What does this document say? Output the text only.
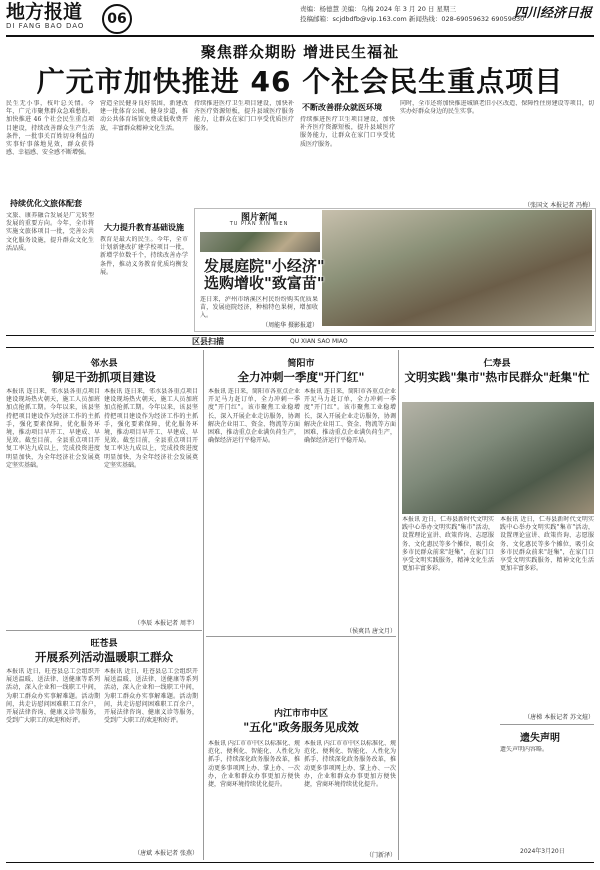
地方报道
DI FANG BAO DAO	06
责编：杨德慧 美编：乌梅 2024 年 3 月 20 日 星期三
投稿邮箱：scjdbdfb@vip.163.com 新闻热线：028-69059632 69059630
四川经济日报
聚焦群众期盼 增进民生福祉
广元市加快推进 46 个社会民生重点项目
民生无小事，枝叶总关情。今年，广元市聚焦群众急难愁盼，加快推进 46 个社会民生重点项目建设，持续改善群众生产生活条件，一批事关百姓切身利益的实事好事落地见效，群众获得感、幸福感、安全感不断增强。
持续优化文旅体配套
文旅、康养融合发展是广元转型发展的重要方向。今年，全市将实施文旅体项目一批，完善公共文化服务设施，提升群众文化生活品质。
营造全民健身良好氛围，新建改建一批体育公园、健身步道，推动公共体育场馆免费或低收费开放，丰富群众精神文化生活。
大力提升教育基础设施
教育是最大的民生。今年，全市计划新建改扩建学校项目一批，新增学位数千个，持续改善办学条件，推动义务教育优质均衡发展。
不断改善群众就医环境
持续推进医疗卫生项目建设，加快补齐医疗资源短板，提升县域医疗服务能力，让群众在家门口享受优质医疗服务。
持续推进医疗卫生项目建设，加快补齐医疗资源短板，提升县域医疗服务能力，让群众在家门口享受优质医疗服务。
同时，全市还将加快推进城镇老旧小区改造、保障性住房建设等项目，切实办好群众身边的民生实事。
（张国文 本报记者 冯梅）
图片新闻
TU PIAN XIN WEN
发展庭院"小经济"
选购增收"致富苗"
连日来，泸州市纳溪区村民纷纷购买优质果苗，发展庭院经济，种植特色果树，增加收入。
（周能华 摄影报道）
区县扫描	QU XIAN SAO MIAO
邻水县
铆足干劲抓项目建设
本报讯 连日来，邻水县各重点项目建设现场热火朝天，施工人员加班加点抢抓工期。今年以来，该县坚持把项目建设作为经济工作的主抓手，强化要素保障，优化服务环境，推动项目早开工、早建成、早见效。截至目前，全县重点项目开复工率达九成以上，完成投资进度明显加快，为全年经济社会发展奠定坚实基础。
本报讯 连日来，邻水县各重点项目建设现场热火朝天，施工人员加班加点抢抓工期。今年以来，该县坚持把项目建设作为经济工作的主抓手，强化要素保障，优化服务环境，推动项目早开工、早建成、早见效。截至目前，全县重点项目开复工率达九成以上，完成投资进度明显加快，为全年经济社会发展奠定坚实基础。
（李辰 本报记者 周芊）
旺苍县
开展系列活动温暖职工群众
本报讯 近日，旺苍县总工会组织开展送温暖、送法律、送健康等系列活动，深入企业和一线职工中间，为职工群众办实事解难题。活动期间，共走访慰问困难职工百余户，开展法律咨询、健康义诊等服务，受到广大职工的欢迎和好评。
本报讯 近日，旺苍县总工会组织开展送温暖、送法律、送健康等系列活动，深入企业和一线职工中间，为职工群众办实事解难题。活动期间，共走访慰问困难职工百余户，开展法律咨询、健康义诊等服务，受到广大职工的欢迎和好评。
（唐斌 本报记者 张燕）
简阳市
全力冲刺一季度"开门红"
本报讯 连日来，简阳市各重点企业开足马力赶订单，全力冲刺一季度"开门红"。该市聚焦工业稳增长，深入开展企业走访服务，协调解决企业用工、资金、物流等方面困难，推动重点企业满负荷生产，确保经济运行平稳开局。
本报讯 连日来，简阳市各重点企业开足马力赶订单，全力冲刺一季度"开门红"。该市聚焦工业稳增长，深入开展企业走访服务，协调解决企业用工、资金、物流等方面困难，推动重点企业满负荷生产，确保经济运行平稳开局。
（侯爽昌 唐文月）
内江市市中区
"五化"政务服务见成效
本报讯 内江市市中区以标准化、规范化、便利化、智能化、人性化为抓手，持续深化政务服务改革，推动更多事项网上办、掌上办、一次办，企业和群众办事更加方便快捷，营商环境持续优化提升。
本报讯 内江市市中区以标准化、规范化、便利化、智能化、人性化为抓手，持续深化政务服务改革，推动更多事项网上办、掌上办、一次办，企业和群众办事更加方便快捷，营商环境持续优化提升。
（门新泽）
仁寿县
文明实践"集市"热市民群众"赶集"忙
本报讯 近日，仁寿县新时代文明实践中心举办文明实践"集市"活动，设置理论宣讲、政策咨询、志愿服务、文化惠民等多个摊位，吸引众多市民群众前来"赶集"，在家门口享受文明实践服务，精神文化生活更加丰富多彩。
本报讯 近日，仁寿县新时代文明实践中心举办文明实践"集市"活动，设置理论宣讲、政策咨询、志愿服务、文化惠民等多个摊位，吸引众多市民群众前来"赶集"，在家门口享受文明实践服务，精神文化生活更加丰富多彩。
（唐梯 本报记者 苏文煊）
遗失声明
遗失声明内容略。
2024年3月20日
